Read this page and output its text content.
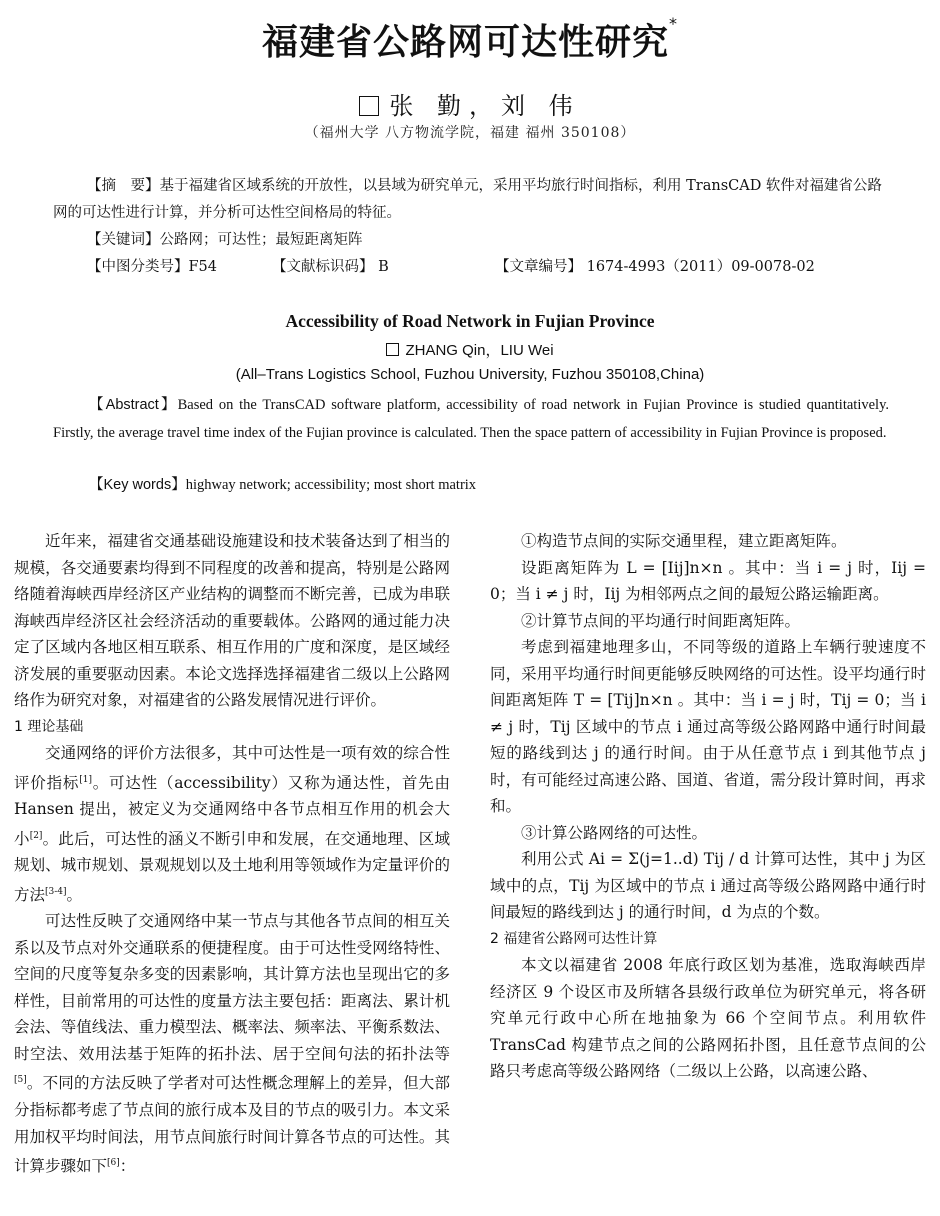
福建省公路网可达性研究*
张 勤，刘 伟
（福州大学 八方物流学院，福建 福州 350108）
【摘　要】基于福建省区域系统的开放性，以县域为研究单元，采用平均旅行时间指标，利用 TransCAD 软件对福建省公路网的可达性进行计算，并分析可达性空间格局的特征。
【关键词】公路网；可达性；最短距离矩阵
【中图分类号】F54	【文献标识码】 B	【文章编号】 1674-4993（2011）09-0078-02
Accessibility of Road Network in Fujian Province
ZHANG Qin，LIU Wei
(All–Trans Logistics School, Fuzhou University, Fuzhou 350108,China)
【Abstract】Based on the TransCAD software platform, accessibility of road network in Fujian Province is studied quantitatively. Firstly, the average travel time index of the Fujian province is calculated. Then the space pattern of accessibility in Fujian Province is proposed.
【Key words】highway network; accessibility; most short matrix

近年来，福建省交通基础设施建设和技术装备达到了相当的规模，各交通要素均得到不同程度的改善和提高，特别是公路网络随着海峡西岸经济区产业结构的调整而不断完善，已成为串联海峡西岸经济区社会经济活动的重要载体。公路网的通过能力决定了区域内各地区相互联系、相互作用的广度和深度，是区域经济发展的重要驱动因素。本论文选择选择福建省二级以上公路网络作为研究对象，对福建省的公路发展情况进行评价。

1 理论基础

交通网络的评价方法很多，其中可达性是一项有效的综合性评价指标[1]。可达性（accessibility）又称为通达性，首先由 Hansen 提出，被定义为交通网络中各节点相互作用的机会大小[2]。此后，可达性的涵义不断引申和发展，在交通地理、区域规划、城市规划、景观规划以及土地利用等领域作为定量评价的方法[3-4]。

可达性反映了交通网络中某一节点与其他各节点间的相互关系以及节点对外交通联系的便捷程度。由于可达性受网络特性、空间的尺度等复杂多变的因素影响，其计算方法也呈现出它的多样性，目前常用的可达性的度量方法主要包括：距离法、累计机会法、等值线法、重力模型法、概率法、频率法、平衡系数法、时空法、效用法基于矩阵的拓扑法、居于空间句法的拓扑法等[5]。不同的方法反映了学者对可达性概念理解上的差异，但大部分指标都考虑了节点间的旅行成本及目的节点的吸引力。本文采用加权平均时间法，用节点间旅行时间计算各节点的可达性。其计算步骤如下[6]：

①构造节点间的实际交通里程，建立距离矩阵。

设距离矩阵为 L = [Iij]n×n 。其中：当 i = j 时，Iij = 0；当 i ≠ j 时，Iij 为相邻两点之间的最短公路运输距离。

②计算节点间的平均通行时间距离矩阵。

考虑到福建地理多山，不同等级的道路上车辆行驶速度不同，采用平均通行时间更能够反映网络的可达性。设平均通行时间距离矩阵 T = [Tij]n×n 。其中：当 i = j 时，Tij = 0；当 i ≠ j 时，Tij 区域中的节点 i 通过高等级公路网路中通行时间最短的路线到达 j 的通行时间。由于从任意节点 i 到其他节点 j 时，有可能经过高速公路、国道、省道，需分段计算时间，再求和。

③计算公路网络的可达性。

利用公式 Ai = Σ(j=1..d) Tij / d 计算可达性，其中 j 为区域中的点，Tij 为区域中的节点 i 通过高等级公路网路中通行时间最短的路线到达 j 的通行时间，d 为点的个数。

2 福建省公路网可达性计算

本文以福建省 2008 年底行政区划为基准，选取海峡西岸经济区 9 个设区市及所辖各县级行政单位为研究单元，将各研究单元行政中心所在地抽象为 66 个空间节点。利用软件 TransCad 构建节点之间的公路网拓扑图，且任意节点间的公路只考虑高等级公路网络（二级以上公路，以高速公路、
